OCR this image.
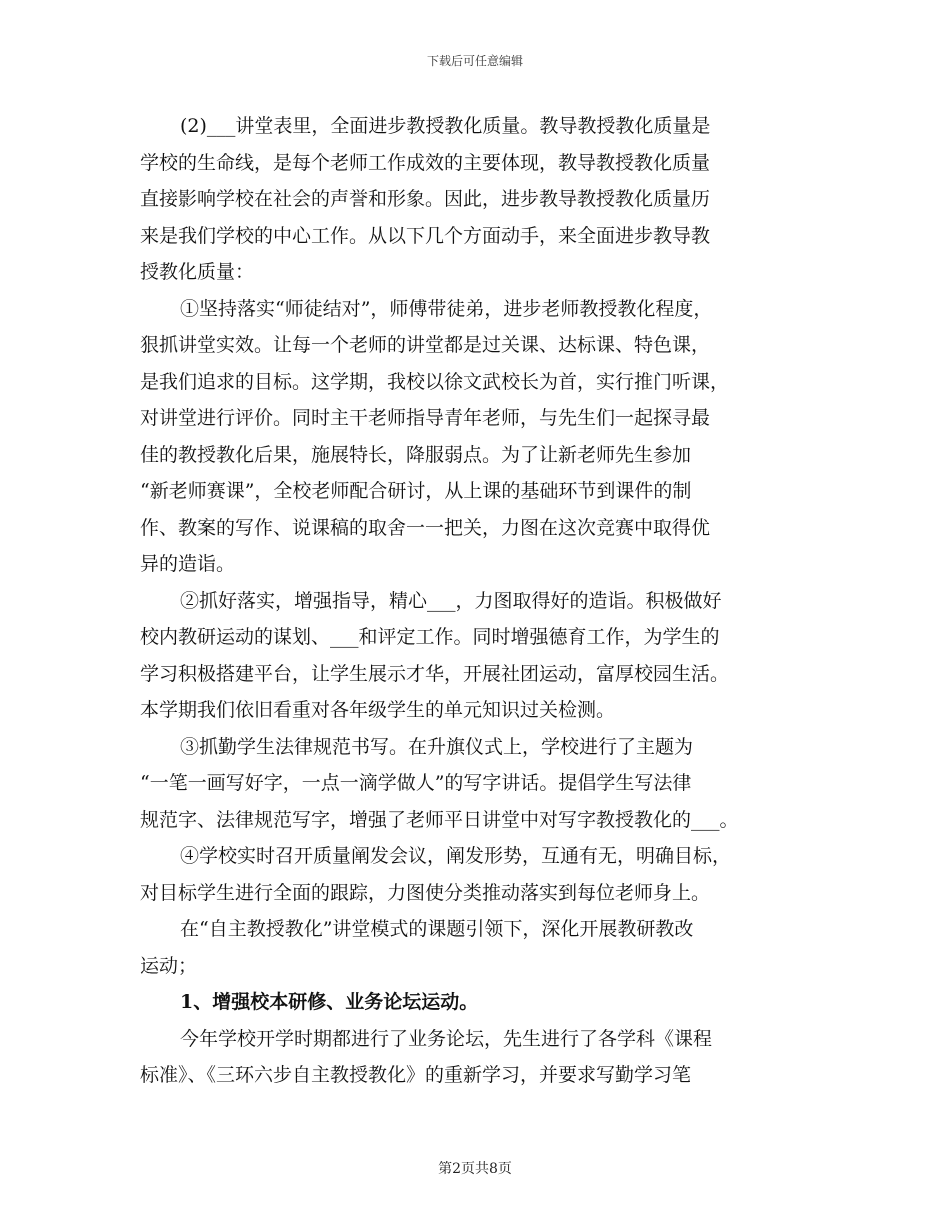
下载后可任意编辑
(2)___讲堂表里，全面进步教授教化质量。教导教授教化质量是
学校的生命线，是每个老师工作成效的主要体现，教导教授教化质量
直接影响学校在社会的声誉和形象。因此，进步教导教授教化质量历
来是我们学校的中心工作。从以下几个方面动手，来全面进步教导教
授教化质量：
①坚持落实“师徒结对”，师傅带徒弟，进步老师教授教化程度，
狠抓讲堂实效。让每一个老师的讲堂都是过关课、达标课、特色课，
是我们追求的目标。这学期，我校以徐文武校长为首，实行推门听课，
对讲堂进行评价。同时主干老师指导青年老师，与先生们一起探寻最
佳的教授教化后果，施展特长，降服弱点。为了让新老师先生参加
“新老师赛课”，全校老师配合研讨，从上课的基础环节到课件的制
作、教案的写作、说课稿的取舍一一把关，力图在这次竞赛中取得优
异的造诣。
②抓好落实，增强指导，精心___，力图取得好的造诣。积极做好
校内教研运动的谋划、___和评定工作。同时增强德育工作，为学生的
学习积极搭建平台，让学生展示才华，开展社团运动，富厚校园生活。
本学期我们依旧看重对各年级学生的单元知识过关检测。
③抓勤学生法律规范书写。在升旗仪式上，学校进行了主题为
“一笔一画写好字，一点一滴学做人”的写字讲话。提倡学生写法律
规范字、法律规范写字，增强了老师平日讲堂中对写字教授教化的___。
④学校实时召开质量阐发会议，阐发形势，互通有无，明确目标，
对目标学生进行全面的跟踪，力图使分类推动落实到每位老师身上。
在“自主教授教化”讲堂模式的课题引领下，深化开展教研教改
运动；
1、增强校本研修、业务论坛运动。
今年学校开学时期都进行了业务论坛，先生进行了各学科《课程
标准》、《三环六步自主教授教化》的重新学习，并要求写勤学习笔
第2页共8页
